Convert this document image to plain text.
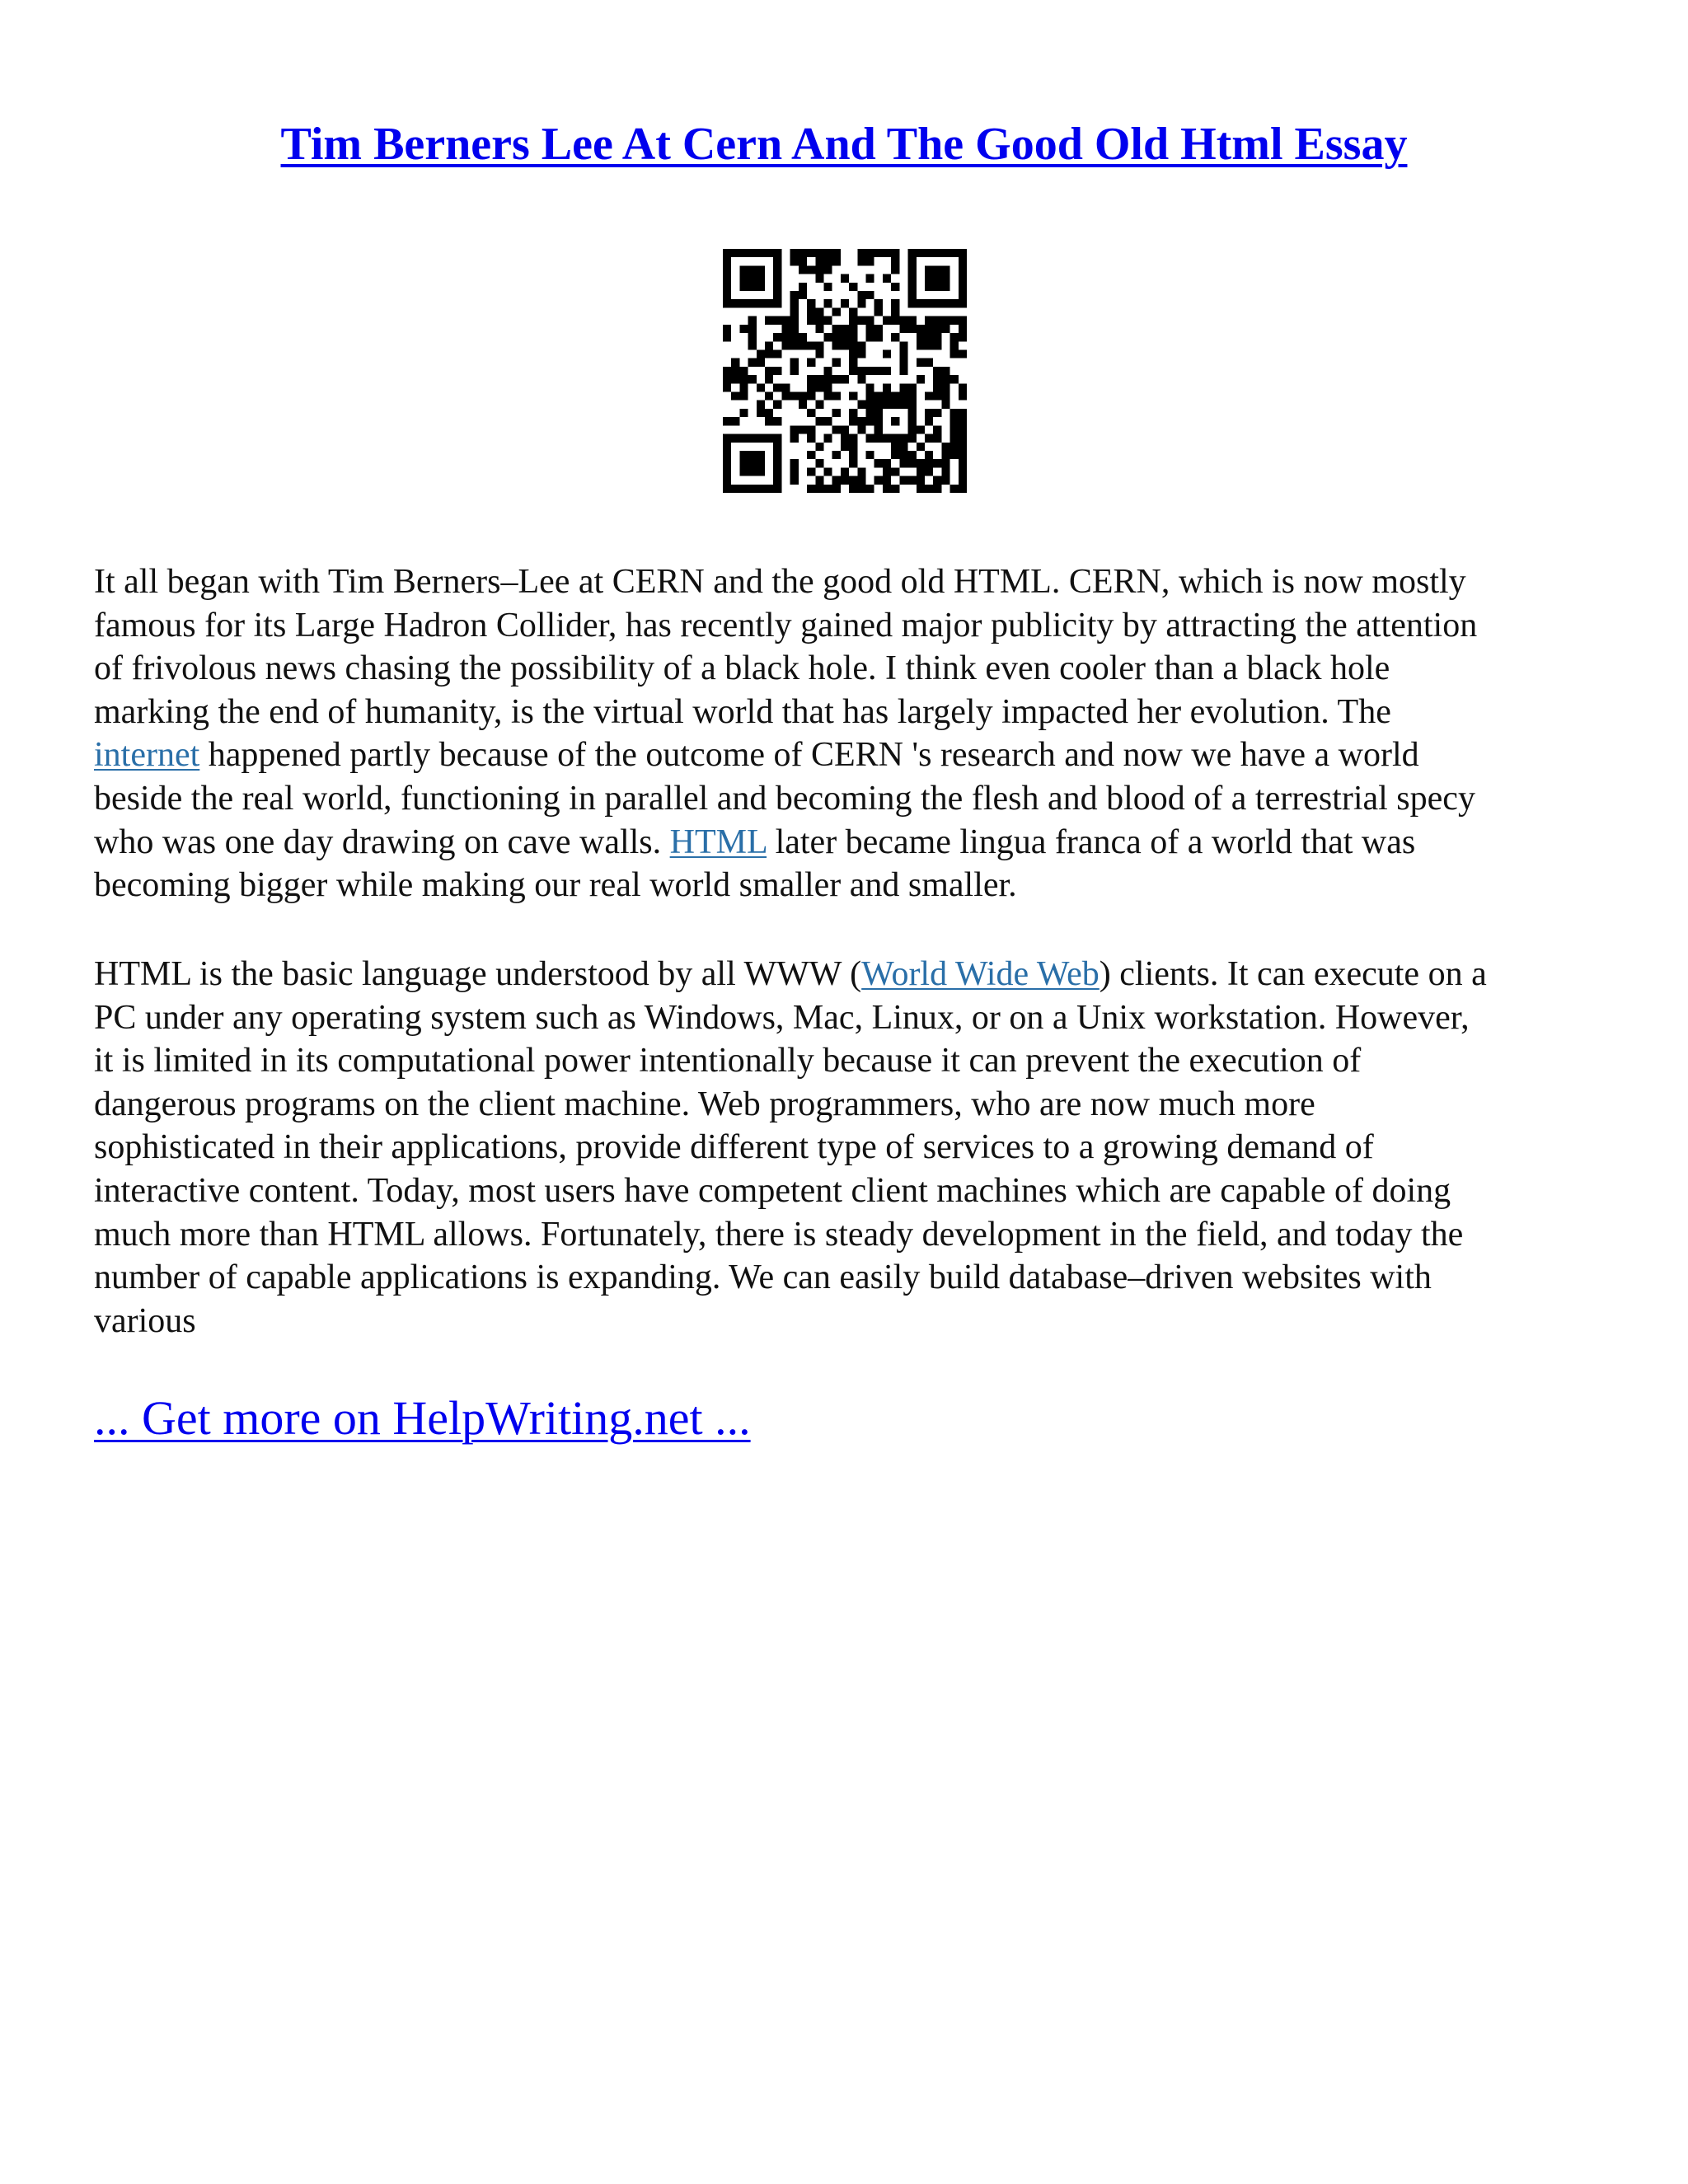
Tim Berners Lee At Cern And The Good Old Html Essay

It all began with Tim Berners–Lee at CERN and the good old HTML. CERN, which is now mostly
famous for its Large Hadron Collider, has recently gained major publicity by attracting the attention
of frivolous news chasing the possibility of a black hole. I think even cooler than a black hole
marking the end of humanity, is the virtual world that has largely impacted her evolution. The
internet happened partly because of the outcome of CERN 's research and now we have a world
beside the real world, functioning in parallel and becoming the flesh and blood of a terrestrial specy
who was one day drawing on cave walls. HTML later became lingua franca of a world that was
becoming bigger while making our real world smaller and smaller.

HTML is the basic language understood by all WWW (World Wide Web) clients. It can execute on a
PC under any operating system such as Windows, Mac, Linux, or on a Unix workstation. However,
it is limited in its computational power intentionally because it can prevent the execution of
dangerous programs on the client machine. Web programmers, who are now much more
sophisticated in their applications, provide different type of services to a growing demand of
interactive content. Today, most users have competent client machines which are capable of doing
much more than HTML allows. Fortunately, there is steady development in the field, and today the
number of capable applications is expanding. We can easily build database–driven websites with
various

... Get more on HelpWriting.net ...
